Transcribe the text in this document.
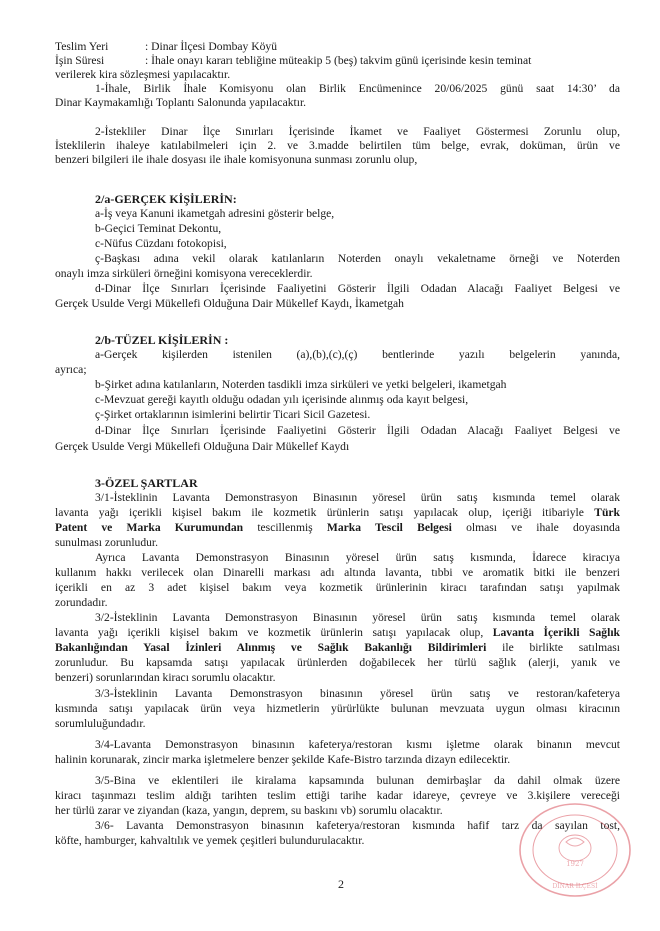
Teslim Yeri	: Dinar İlçesi Dombay Köyü
İşin Süresi	: İhale onayı kararı tebliğine müteakip 5 (beş) takvim günü içerisinde kesin teminat
verilerek kira sözleşmesi yapılacaktır.
1-İhale, Birlik İhale Komisyonu olan Birlik Encümenince 20/06/2025 günü saat 14:30’ da
Dinar Kaymakamlığı Toplantı Salonunda yapılacaktır.
2-İstekliler Dinar İlçe Sınırları İçerisinde İkamet ve Faaliyet Göstermesi Zorunlu olup,
İsteklilerin ihaleye katılabilmeleri için 2. ve 3.madde belirtilen tüm belge, evrak, doküman, ürün ve
benzeri bilgileri ile ihale dosyası ile ihale komisyonuna sunması zorunlu olup,
2/a-GERÇEK KİŞİLERİN:
a-İş veya Kanuni ikametgah adresini gösterir belge,
b-Geçici Teminat Dekontu,
c-Nüfus Cüzdanı fotokopisi,
ç-Başkası adına vekil olarak katılanların Noterden onaylı vekaletname örneği ve Noterden
onaylı imza sirküleri örneğini komisyona vereceklerdir.
d-Dinar İlçe Sınırları İçerisinde Faaliyetini Gösterir İlgili Odadan Alacağı Faaliyet Belgesi ve
Gerçek Usulde Vergi Mükellefi Olduğuna Dair Mükellef Kaydı, İkametgah
2/b-TÜZEL KİŞİLERİN :
a-Gerçek kişilerden istenilen (a),(b),(c),(ç) bentlerinde yazılı belgelerin yanında,
ayrıca;
b-Şirket adına katılanların, Noterden tasdikli imza sirküleri ve yetki belgeleri, ikametgah
c-Mevzuat gereği kayıtlı olduğu odadan yılı içerisinde alınmış oda kayıt belgesi,
ç-Şirket ortaklarının isimlerini belirtir Ticari Sicil Gazetesi.
d-Dinar İlçe Sınırları İçerisinde Faaliyetini Gösterir İlgili Odadan Alacağı Faaliyet Belgesi ve
Gerçek Usulde Vergi Mükellefi Olduğuna Dair Mükellef Kaydı
3-ÖZEL ŞARTLAR
3/1-İsteklinin Lavanta Demonstrasyon Binasının yöresel ürün satış kısmında temel olarak
lavanta yağı içerikli kişisel bakım ile kozmetik ürünlerin satışı yapılacak olup, içeriği itibariyle Türk
Patent ve Marka Kurumundan tescillenmiş Marka Tescil Belgesi olması ve ihale doyasında
sunulması zorunludur.
Ayrıca Lavanta Demonstrasyon Binasının yöresel ürün satış kısmında, İdarece kiracıya
kullanım hakkı verilecek olan Dinarelli markası adı altında lavanta, tıbbi ve aromatik bitki ile benzeri
içerikli en az 3 adet kişisel bakım veya kozmetik ürünlerinin kiracı tarafından satışı yapılmak
zorundadır.
3/2-İsteklinin Lavanta Demonstrasyon Binasının yöresel ürün satış kısmında temel olarak
lavanta yağı içerikli kişisel bakım ve kozmetik ürünlerin satışı yapılacak olup, Lavanta İçerikli Sağlık
Bakanlığından Yasal İzinleri Alınmış ve Sağlık Bakanlığı Bildirimleri ile birlikte satılması
zorunludur. Bu kapsamda satışı yapılacak ürünlerden doğabilecek her türlü sağlık (alerji, yanık ve
benzeri) sorunlarından kiracı sorumlu olacaktır.
3/3-İsteklinin Lavanta Demonstrasyon binasının yöresel ürün satış ve restoran/kafeterya
kısmında satışı yapılacak ürün veya hizmetlerin yürürlükte bulunan mevzuata uygun olması kiracının
sorumluluğundadır.
3/4-Lavanta Demonstrasyon binasının kafeterya/restoran kısmı işletme olarak binanın mevcut
halinin korunarak, zincir marka işletmelere benzer şekilde Kafe-Bistro tarzında dizayn edilecektir.
3/5-Bina ve eklentileri ile kiralama kapsamında bulunan demirbaşlar da dahil olmak üzere
kiracı taşınmazı teslim aldığı tarihten teslim ettiği tarihe kadar idareye, çevreye ve 3.kişilere vereceği
her türlü zarar ve ziyandan (kaza, yangın, deprem, su baskını vb) sorumlu olacaktır.
3/6- Lavanta Demonstrasyon binasının kafeterya/restoran kısmında hafif tarz da sayılan tost,
köfte, hamburger, kahvaltılık ve yemek çeşitleri bulundurulacaktır.
2
1927
DİNAR İLÇESİ
